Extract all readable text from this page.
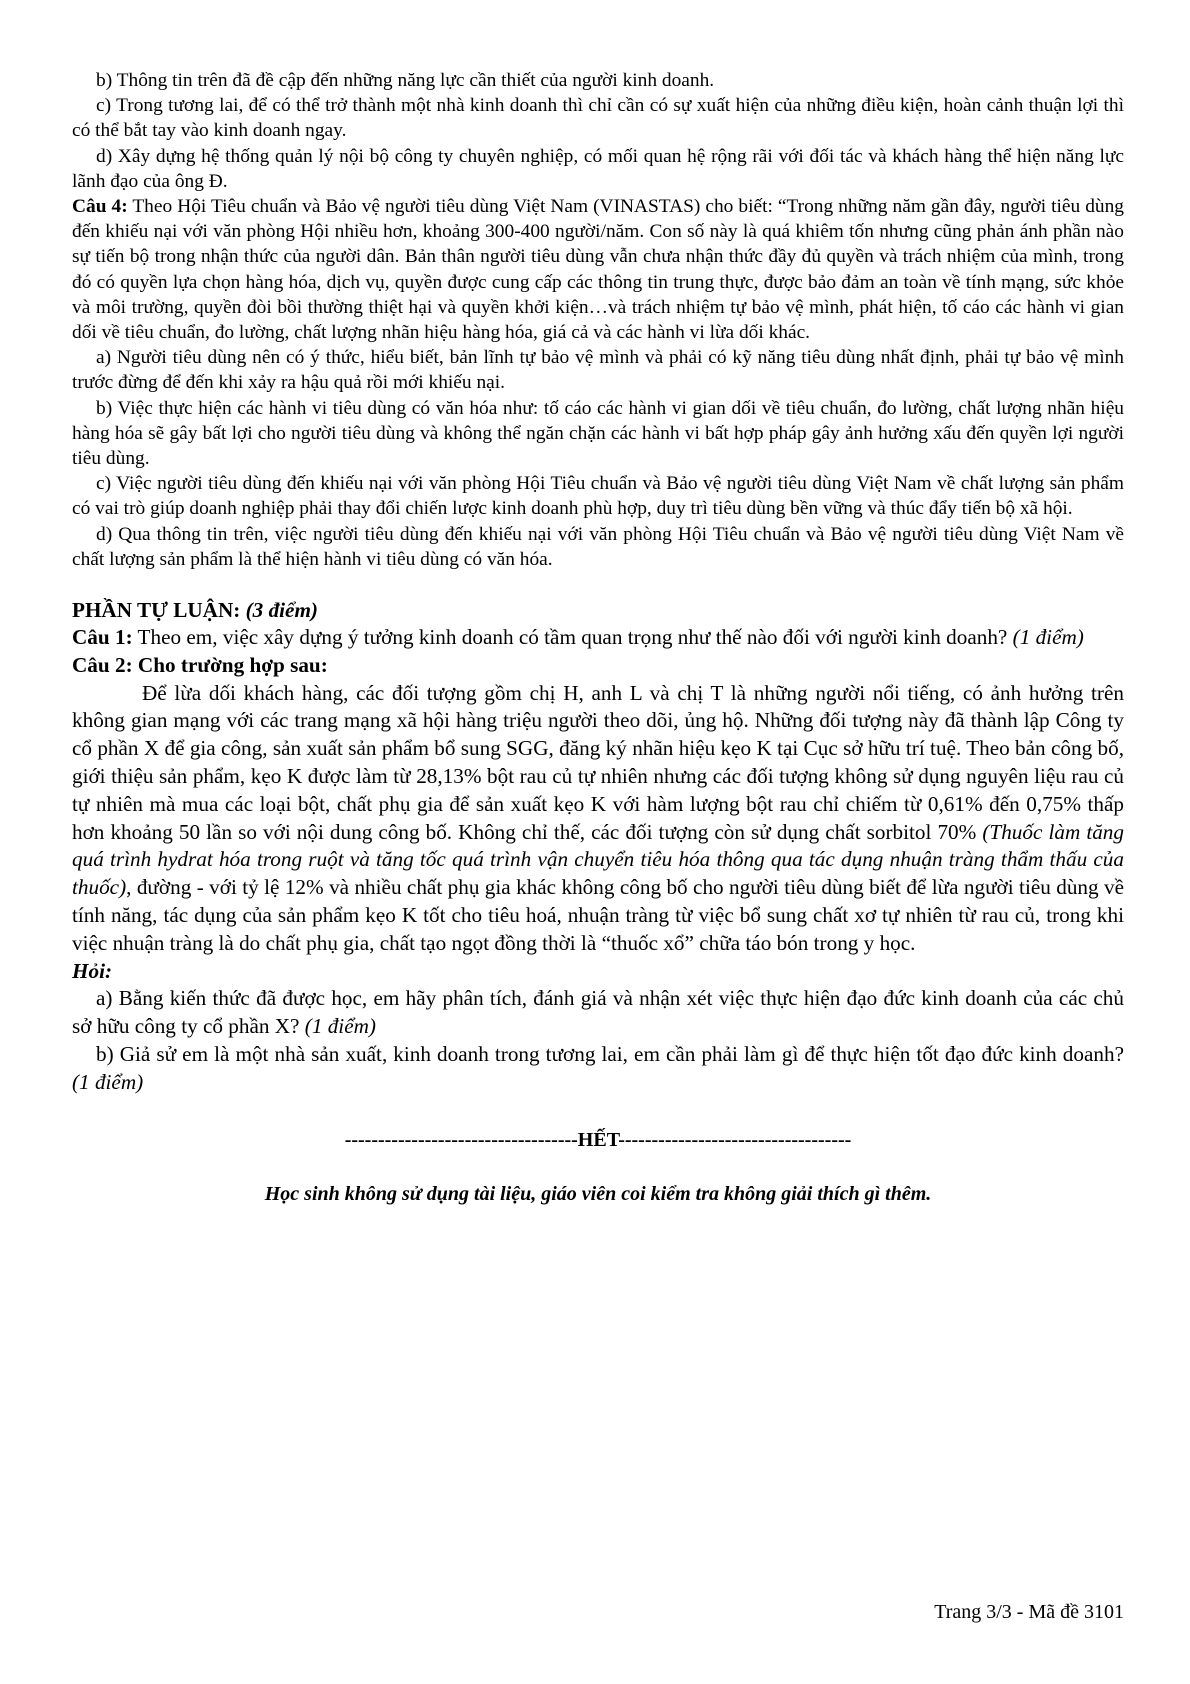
b) Thông tin trên đã đề cập đến những năng lực cần thiết của người kinh doanh.

c) Trong tương lai, để có thể trở thành một nhà kinh doanh thì chỉ cần có sự xuất hiện của những điều kiện, hoàn cảnh thuận lợi thì có thể bắt tay vào kinh doanh ngay.

d) Xây dựng hệ thống quản lý nội bộ công ty chuyên nghiệp, có mối quan hệ rộng rãi với đối tác và khách hàng thể hiện năng lực lãnh đạo của ông Đ.

Câu 4: Theo Hội Tiêu chuẩn và Bảo vệ người tiêu dùng Việt Nam (VINASTAS) cho biết: “Trong những năm gần đây, người tiêu dùng đến khiếu nại với văn phòng Hội nhiều hơn, khoảng 300-400 người/năm. Con số này là quá khiêm tốn nhưng cũng phản ánh phần nào sự tiến bộ trong nhận thức của người dân. Bản thân người tiêu dùng vẫn chưa nhận thức đầy đủ quyền và trách nhiệm của mình, trong đó có quyền lựa chọn hàng hóa, dịch vụ, quyền được cung cấp các thông tin trung thực, được bảo đảm an toàn về tính mạng, sức khỏe và môi trường, quyền đòi bồi thường thiệt hại và quyền khởi kiện…và trách nhiệm tự bảo vệ mình, phát hiện, tố cáo các hành vi gian dối về tiêu chuẩn, đo lường, chất lượng nhãn hiệu hàng hóa, giá cả và các hành vi lừa dối khác.

a) Người tiêu dùng nên có ý thức, hiểu biết, bản lĩnh tự bảo vệ mình và phải có kỹ năng tiêu dùng nhất định, phải tự bảo vệ mình trước đừng để đến khi xảy ra hậu quả rồi mới khiếu nại.

b) Việc thực hiện các hành vi tiêu dùng có văn hóa như: tố cáo các hành vi gian dối về tiêu chuẩn, đo lường, chất lượng nhãn hiệu hàng hóa sẽ gây bất lợi cho người tiêu dùng và không thể ngăn chặn các hành vi bất hợp pháp gây ảnh hưởng xấu đến quyền lợi người tiêu dùng.

c) Việc người tiêu dùng đến khiếu nại với văn phòng Hội Tiêu chuẩn và Bảo vệ người tiêu dùng Việt Nam về chất lượng sản phẩm có vai trò giúp doanh nghiệp phải thay đổi chiến lược kinh doanh phù hợp, duy trì tiêu dùng bền vững và thúc đẩy tiến bộ xã hội.

d) Qua thông tin trên, việc người tiêu dùng đến khiếu nại với văn phòng Hội Tiêu chuẩn và Bảo vệ người tiêu dùng Việt Nam về chất lượng sản phẩm là thể hiện hành vi tiêu dùng có văn hóa.

PHẦN TỰ LUẬN: (3 điểm)

Câu 1: Theo em, việc xây dựng ý tưởng kinh doanh có tầm quan trọng như thế nào đối với người kinh doanh? (1 điểm)

Câu 2: Cho trường hợp sau:

Để lừa dối khách hàng, các đối tượng gồm chị H, anh L và chị T là những người nổi tiếng, có ảnh hưởng trên không gian mạng với các trang mạng xã hội hàng triệu người theo dõi, ủng hộ. Những đối tượng này đã thành lập Công ty cổ phần X để gia công, sản xuất sản phẩm bổ sung SGG, đăng ký nhãn hiệu kẹo K tại Cục sở hữu trí tuệ. Theo bản công bố, giới thiệu sản phẩm, kẹo K được làm từ 28,13% bột rau củ tự nhiên nhưng các đối tượng không sử dụng nguyên liệu rau củ tự nhiên mà mua các loại bột, chất phụ gia để sản xuất kẹo K với hàm lượng bột rau chỉ chiếm từ 0,61% đến 0,75% thấp hơn khoảng 50 lần so với nội dung công bố. Không chỉ thế, các đối tượng còn sử dụng chất sorbitol 70% (Thuốc làm tăng quá trình hydrat hóa trong ruột và tăng tốc quá trình vận chuyển tiêu hóa thông qua tác dụng nhuận tràng thẩm thấu của thuốc), đường - với tỷ lệ 12% và nhiều chất phụ gia khác không công bố cho người tiêu dùng biết để lừa người tiêu dùng về tính năng, tác dụng của sản phẩm kẹo K tốt cho tiêu hoá, nhuận tràng từ việc bổ sung chất xơ tự nhiên từ rau củ, trong khi việc nhuận tràng là do chất phụ gia, chất tạo ngọt đồng thời là “thuốc xổ” chữa táo bón trong y học.

Hỏi:

a) Bằng kiến thức đã được học, em hãy phân tích, đánh giá và nhận xét việc thực hiện đạo đức kinh doanh của các chủ sở hữu công ty cổ phần X? (1 điểm)

b) Giả sử em là một nhà sản xuất, kinh doanh trong tương lai, em cần phải làm gì để thực hiện tốt đạo đức kinh doanh? (1 điểm)

-----------------------------------HẾT-----------------------------------
Học sinh không sử dụng tài liệu, giáo viên coi kiểm tra không giải thích gì thêm.
Trang 3/3 - Mã đề 3101
